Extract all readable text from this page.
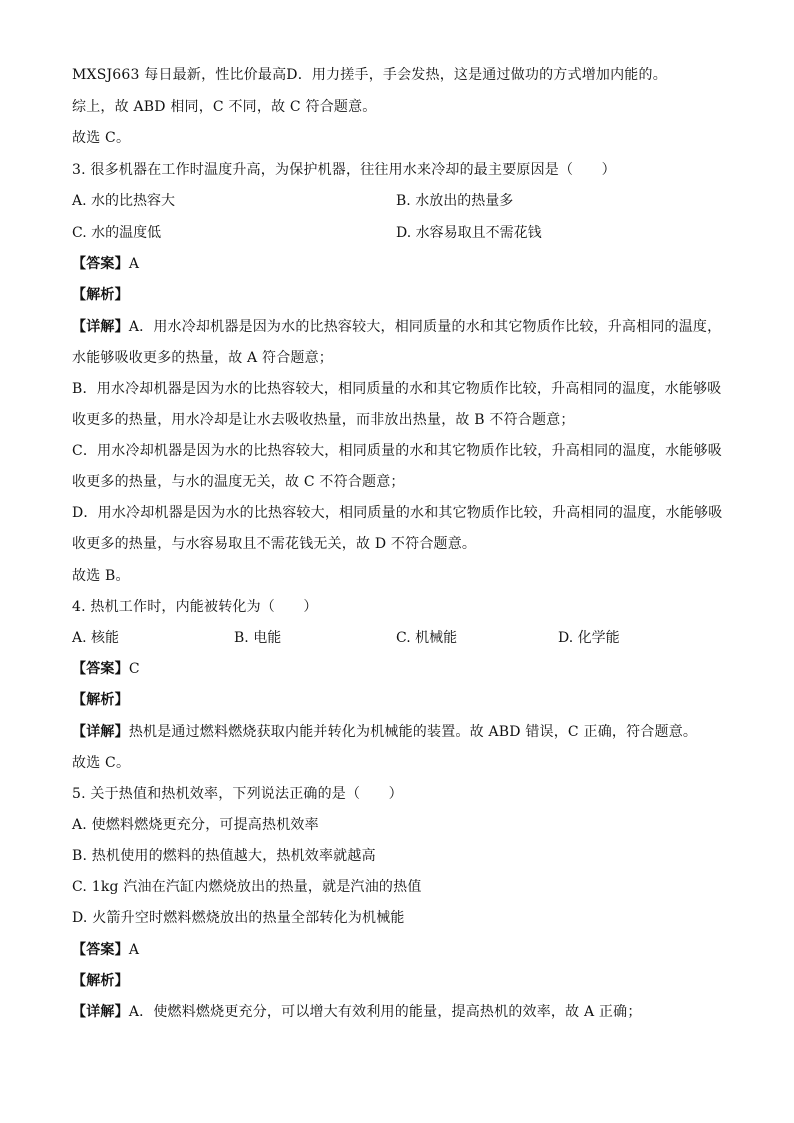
MXSJ663 每日最新，性比价最高D．用力搓手，手会发热，这是通过做功的方式增加内能的。
综上，故 ABD 相同，C 不同，故 C 符合题意。
故选 C。
3. 很多机器在工作时温度升高，为保护机器，往往用水来冷却的最主要原因是（　　）
A. 水的比热容大	B. 水放出的热量多
C. 水的温度低	D. 水容易取且不需花钱
【答案】A
【解析】
【详解】A．用水冷却机器是因为水的比热容较大，相同质量的水和其它物质作比较，升高相同的温度，
水能够吸收更多的热量，故 A 符合题意；
B．用水冷却机器是因为水的比热容较大，相同质量的水和其它物质作比较，升高相同的温度，水能够吸
收更多的热量，用水冷却是让水去吸收热量，而非放出热量，故 B 不符合题意；
C．用水冷却机器是因为水的比热容较大，相同质量的水和其它物质作比较，升高相同的温度，水能够吸
收更多的热量，与水的温度无关，故 C 不符合题意；
D．用水冷却机器是因为水的比热容较大，相同质量的水和其它物质作比较，升高相同的温度，水能够吸
收更多的热量，与水容易取且不需花钱无关，故 D 不符合题意。
故选 B。
4. 热机工作时，内能被转化为（　　）
A. 核能	B. 电能	C. 机械能	D. 化学能
【答案】C
【解析】
【详解】热机是通过燃料燃烧获取内能并转化为机械能的装置。故 ABD 错误，C 正确，符合题意。
故选 C。
5. 关于热值和热机效率，下列说法正确的是（　　）
A. 使燃料燃烧更充分，可提高热机效率
B. 热机使用的燃料的热值越大，热机效率就越高
C. 1kg 汽油在汽缸内燃烧放出的热量，就是汽油的热值
D. 火箭升空时燃料燃烧放出的热量全部转化为机械能
【答案】A
【解析】
【详解】A．使燃料燃烧更充分，可以增大有效利用的能量，提高热机的效率，故 A 正确；
